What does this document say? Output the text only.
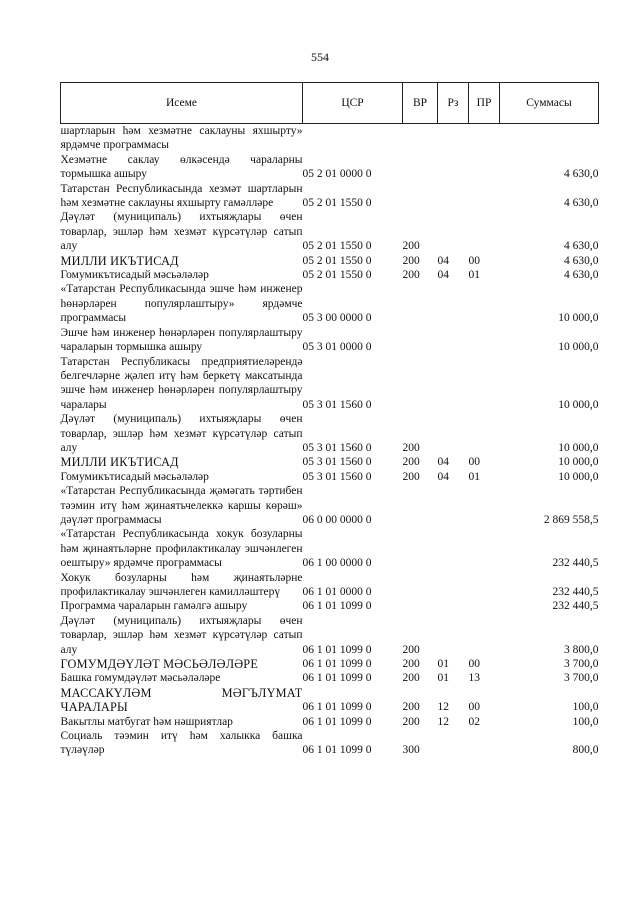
554
Исеме	ЦСР	ВР	Рз	ПР	Суммасы
шартларын һәм хезмәтне саклауны яхшырту» ярдәмче программасы					
Хезмәтне саклау өлкәсендә чараларны тормышка ашыру	05 2 01 0000 0				4 630,0
Татарстан Республикасында хезмәт шартларын һәм хезмәтне саклауны яхшырту гамәлләре	05 2 01 1550 0				4 630,0
Дәүләт (муниципаль) ихтыяҗлары өчен товарлар, эшләр һәм хезмәт күрсәтүләр сатып алу	05 2 01 1550 0	200			4 630,0
МИЛЛИ ИКЪТИСАД	05 2 01 1550 0	200	04	00	4 630,0
Гомумикътисадый мәсьәләләр	05 2 01 1550 0	200	04	01	4 630,0
«Татарстан Республикасында эшче һәм инженер һөнәрләрен популярлаштыру» ярдәмче программасы	05 3 00 0000 0				10 000,0
Эшче һәм инженер һөнәрләрен популярлаштыру чараларын тормышка ашыру	05 3 01 0000 0				10 000,0
Татарстан Республикасы предприятиеләрендә белгечләрне җәлеп итү һәм беркетү максатында эшче һәм инженер һөнәрләрен популярлаштыру чаралары	05 3 01 1560 0				10 000,0
Дәүләт (муниципаль) ихтыяҗлары өчен товарлар, эшләр һәм хезмәт күрсәтүләр сатып алу	05 3 01 1560 0	200			10 000,0
МИЛЛИ ИКЪТИСАД	05 3 01 1560 0	200	04	00	10 000,0
Гомумикътисадый мәсьәләләр	05 3 01 1560 0	200	04	01	10 000,0
«Татарстан Республикасында җәмәгать тәртибен тәэмин итү һәм җинаятьчелеккә каршы көрәш» дәүләт программасы	06 0 00 0000 0				2 869 558,5
«Татарстан Республикасында хокук бозуларны һәм җинаятьләрне профилактикалау эшчәнлеген оештыру» ярдәмче программасы	06 1 00 0000 0				232 440,5
Хокук бозуларны һәм җинаятьләрне профилактикалау эшчәнлеген камилләштерү	06 1 01 0000 0				232 440,5
Программа чараларын гамәлгә ашыру	06 1 01 1099 0				232 440,5
Дәүләт (муниципаль) ихтыяҗлары өчен товарлар, эшләр һәм хезмәт күрсәтүләр сатып алу	06 1 01 1099 0	200			3 800,0
ГОМУМДӘҮЛӘТ МӘСЬӘЛӘЛӘРЕ	06 1 01 1099 0	200	01	00	3 700,0
Башка гомумдәүләт мәсьәләләре	06 1 01 1099 0	200	01	13	3 700,0
МАССАКҮЛӘМ МӘГЪЛҮМАТ ЧАРАЛАРЫ	06 1 01 1099 0	200	12	00	100,0
Вакытлы матбугат һәм нәшриятлар	06 1 01 1099 0	200	12	02	100,0
Социаль тәэмин итү һәм халыкка башка түләүләр	06 1 01 1099 0	300			800,0
